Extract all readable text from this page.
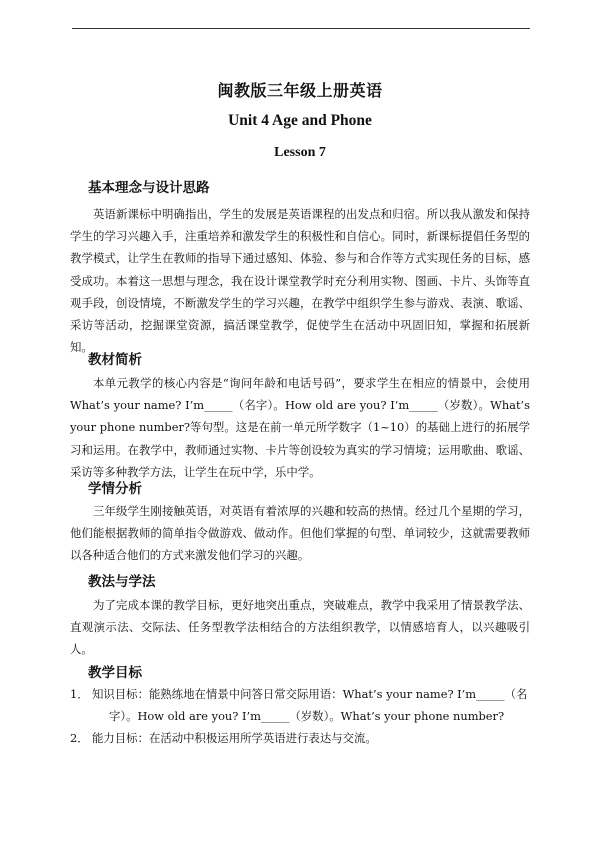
闽教版三年级上册英语
Unit 4 Age and Phone
Lesson 7
基本理念与设计思路
英语新课标中明确指出，学生的发展是英语课程的出发点和归宿。所以我从激发和保持学生的学习兴趣入手，注重培养和激发学生的积极性和自信心。同时，新课标提倡任务型的教学模式，让学生在教师的指导下通过感知、体验、参与和合作等方式实现任务的目标，感受成功。本着这一思想与理念，我在设计课堂教学时充分利用实物、图画、卡片、头饰等直观手段，创设情境，不断激发学生的学习兴趣，在教学中组织学生参与游戏、表演、歌谣、采访等活动，挖掘课堂资源，搞活课堂教学，促使学生在活动中巩固旧知，掌握和拓展新知。
教材简析
本单元教学的核心内容是“询问年龄和电话号码”，要求学生在相应的情景中，会使用 What’s your name? I’m_____（名字）。How old are you? I’m_____（岁数）。What’s your phone number?等句型。这是在前一单元所学数字（1~10）的基础上进行的拓展学习和运用。在教学中，教师通过实物、卡片等创设较为真实的学习情境；运用歌曲、歌谣、采访等多种教学方法，让学生在玩中学，乐中学。
学情分析
三年级学生刚接触英语，对英语有着浓厚的兴趣和较高的热情。经过几个星期的学习，他们能根据教师的简单指令做游戏、做动作。但他们掌握的句型、单词较少，这就需要教师以各种适合他们的方式来激发他们学习的兴趣。
教法与学法
为了完成本课的教学目标，更好地突出重点，突破难点，教学中我采用了情景教学法、直观演示法、交际法、任务型教学法相结合的方法组织教学，以情感培育人，以兴趣吸引人。
教学目标
1． 知识目标：能熟练地在情景中问答日常交际用语：What’s your name? I’m_____（名
字）。How old are you? I’m_____（岁数）。What’s your phone number?
2． 能力目标：在活动中积极运用所学英语进行表达与交流。
